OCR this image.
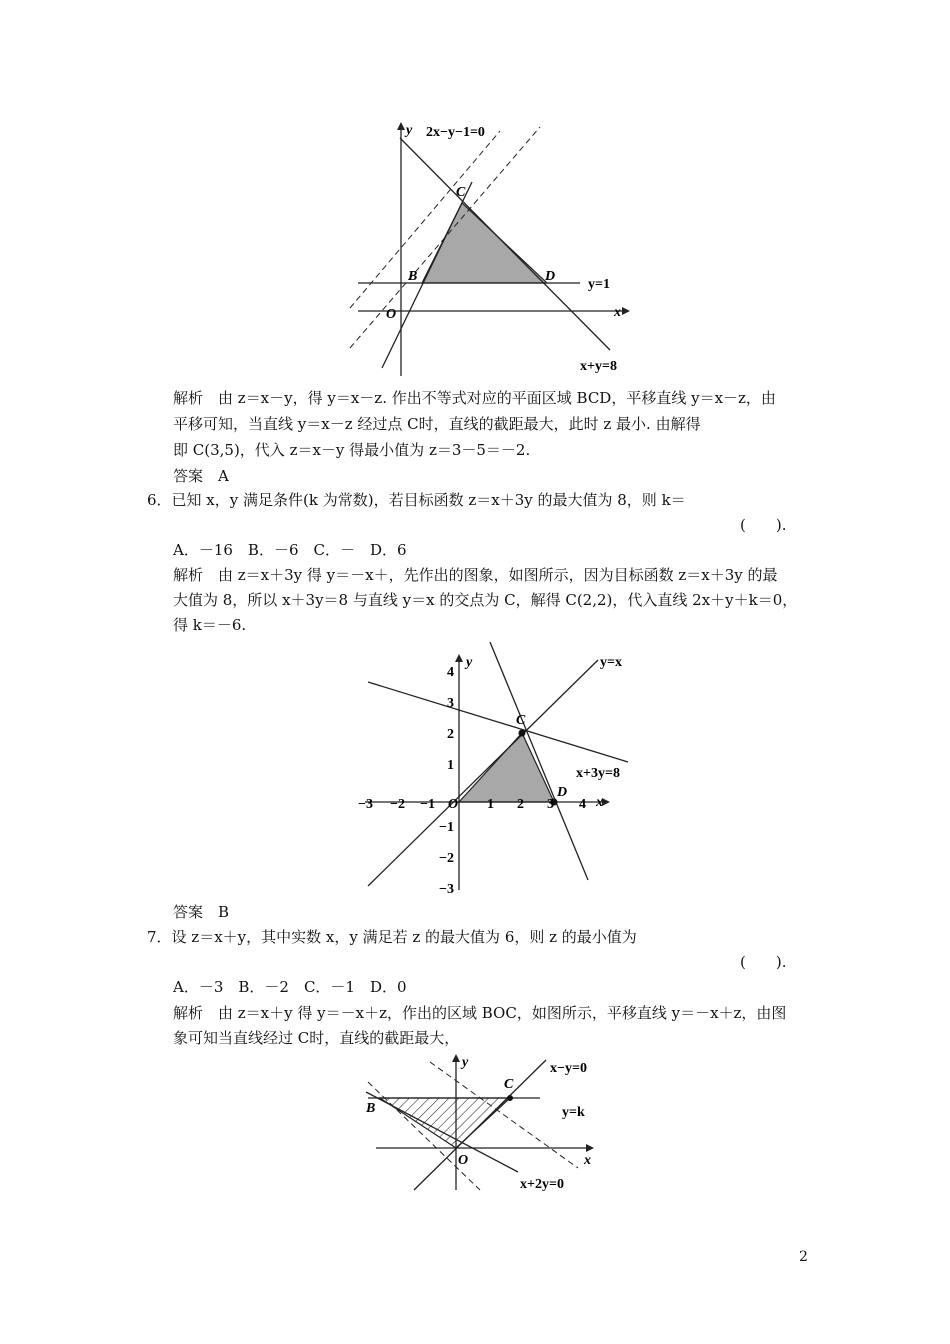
y 2x−y−1=0
C
B	D
y=1
O	x
x+y=8
解析　由 z＝x－y，得 y＝x－z. 作出不等式对应的平面区域 BCD，平移直线 y＝x－z，由
平移可知，当直线 y＝x－z 经过点 C时，直线的截距最大，此时 z 最小. 由解得
即 C(3,5)，代入 z＝x－y 得最小值为 z＝3－5＝－2.
答案　A
6．已知 x，y 满足条件(k 为常数)，若目标函数 z＝x＋3y 的最大值为 8，则 k＝
(　　).
A．－16　B．－6　C．－　D．6
解析　由 z＝x＋3y 得 y＝－x＋，先作出的图象，如图所示，因为目标函数 z＝x＋3y 的最
大值为 8，所以 x＋3y＝8 与直线 y＝x 的交点为 C，解得 C(2,2)，代入直线 2x＋y＋k＝0，
得 k＝－6.
y	y=x
C
x+3y=8
D
O	x
−3 −2 −1	1 2 3 4
4
3
2
1
−1
−2
−3
答案　B
7．设 z＝x＋y，其中实数 x，y 满足若 z 的最大值为 6，则 z 的最小值为
(　　).
A．－3　B．－2　C．－1　D．0
解析　由 z＝x＋y 得 y＝－x＋z，作出的区域 BOC，如图所示，平移直线 y＝－x＋z，由图
象可知当直线经过 C时，直线的截距最大，
y	x−y=0
C
B	y=k
O	x
x+2y=0
2
